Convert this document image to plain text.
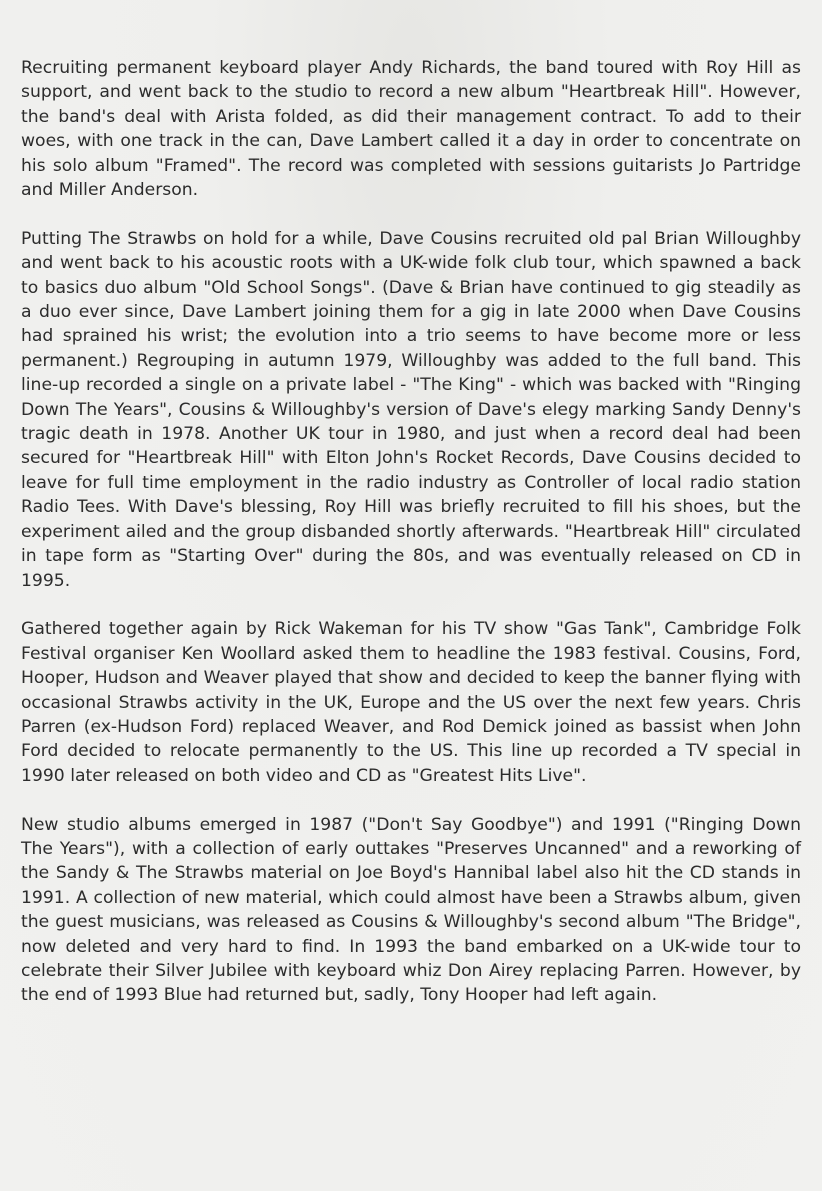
Recruiting permanent keyboard player Andy Richards, the band toured with Roy Hill as support, and went back to the studio to record a new album "Heartbreak Hill". However, the band's deal with Arista folded, as did their management contract. To add to their woes, with one track in the can, Dave Lambert called it a day in order to concentrate on his solo album "Framed". The record was completed with sessions guitarists Jo Partridge and Miller Anderson.

Putting The Strawbs on hold for a while, Dave Cousins recruited old pal Brian Willoughby and went back to his acoustic roots with a UK-wide folk club tour, which spawned a back to basics duo album "Old School Songs". (Dave & Brian have continued to gig steadily as a duo ever since, Dave Lambert joining them for a gig in late 2000 when Dave Cousins had sprained his wrist; the evolution into a trio seems to have become more or less permanent.) Regrouping in autumn 1979, Willoughby was added to the full band. This line-up recorded a single on a private label - "The King" - which was backed with "Ringing Down The Years", Cousins & Willoughby's version of Dave's elegy marking Sandy Denny's tragic death in 1978. Another UK tour in 1980, and just when a record deal had been secured for "Heartbreak Hill" with Elton John's Rocket Records, Dave Cousins decided to leave for full time employment in the radio industry as Controller of local radio station Radio Tees. With Dave's blessing, Roy Hill was briefly recruited to fill his shoes, but the experiment ailed and the group disbanded shortly afterwards. "Heartbreak Hill" circulated in tape form as "Starting Over" during the 80s, and was eventually released on CD in 1995.

Gathered together again by Rick Wakeman for his TV show "Gas Tank", Cambridge Folk Festival organiser Ken Woollard asked them to headline the 1983 festival. Cousins, Ford, Hooper, Hudson and Weaver played that show and decided to keep the banner flying with occasional Strawbs activity in the UK, Europe and the US over the next few years. Chris Parren (ex-Hudson Ford) replaced Weaver, and Rod Demick joined as bassist when John Ford decided to relocate permanently to the US. This line up recorded a TV special in 1990 later released on both video and CD as "Greatest Hits Live".

New studio albums emerged in 1987 ("Don't Say Goodbye") and 1991 ("Ringing Down The Years"), with a collection of early outtakes "Preserves Uncanned" and a reworking of the Sandy & The Strawbs material on Joe Boyd's Hannibal label also hit the CD stands in 1991. A collection of new material, which could almost have been a Strawbs album, given the guest musicians, was released as Cousins & Willoughby's second album "The Bridge", now deleted and very hard to find. In 1993 the band embarked on a UK-wide tour to celebrate their Silver Jubilee with keyboard whiz Don Airey replacing Parren. However, by the end of 1993 Blue had returned but, sadly, Tony Hooper had left again.
